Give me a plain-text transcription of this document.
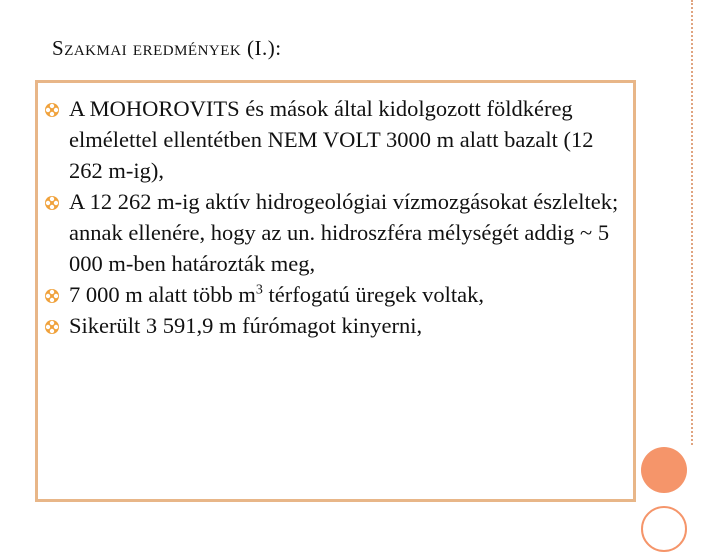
Szakmai eredmények (I.):
A MOHOROVITS és mások által kidolgozott földkéreg elmélettel ellentétben NEM VOLT 3000 m alatt bazalt (12 262 m-ig),
A 12 262 m-ig aktív hidrogeológiai vízmozgásokat észleltek; annak ellenére, hogy az un. hidroszféra mélységét addig ~ 5 000 m-ben határozták meg,
7 000 m alatt több $m^3$ térfogatú üregek voltak,
Sikerült 3 591,9 m fúrómagot kinyerni,
